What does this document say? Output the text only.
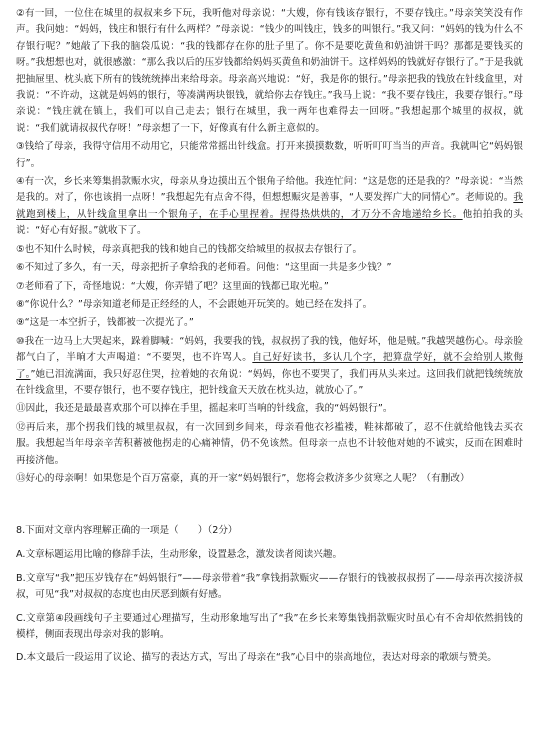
②有一回，一位住在城里的叔叔来乡下玩，我听他对母亲说：“大嫂，你有钱该存银行，不要存钱庄。”母亲笑笑没有作声。我问她：“妈妈，钱庄和银行有什么两样？”母亲说：“钱少的叫钱庄，钱多的叫银行。”我又问：“妈妈的钱为什么不存银行呢？”她敲了下我的脑袋瓜说：“我的钱都存在你的肚子里了。你不是要吃黄鱼和奶油饼干吗？那都是要钱买的呀。”我想想也对，就很感激：“那么我以后的压岁钱都给妈妈买黄鱼和奶油饼干。这样妈妈的钱就好存银行了。”于是我就把抽屉里、枕头底下所有的钱统统捧出来给母亲。母亲高兴地说：“好，我是你的银行。”母亲把我的钱放在针线盒里，对我说：“不许动，这就是妈妈的银行，等凑满两块银钱，就给你去存钱庄。”我马上说：“我不要存钱庄，我要存银行。”母亲说：“钱庄就在镇上，我们可以自己走去；银行在城里，我一两年也难得去一回呀。”我想起那个城里的叔叔，就说：“我们就请叔叔代存呀！”母亲想了一下，好像真有什么新主意似的。

③钱给了母亲，我得守信用不动用它，只能常常摇出针线盒。打开来摸摸数数，听听叮叮当当的声音。我就叫它“妈妈银行”。

④有一次，乡长来筹集捐款赈水灾，母亲从身边摸出五个银角子给他。我连忙问：“这是您的还是我的？”母亲说：“当然是我的。对了，你也该捐一点呀！”我想起先有点舍不得，但想想赈灾是善事，“人要发挥广大的同情心”。老师说的。我就跑到楼上，从针线盒里拿出一个银角子，在手心里捏着。捏得热烘烘的，才万分不舍地递给乡长。他拍拍我的头说：“好心有好报。”就收下了。

⑤也不知什么时候，母亲真把我的钱和她自己的钱都交给城里的叔叔去存银行了。

⑥不知过了多久，有一天，母亲把折子拿给我的老师看。问他：“这里面一共是多少钱？”

⑦老师看了下，奇怪地说：“大嫂，你弄错了吧？这里面的钱都已取光啦。”

⑧“你说什么？”母亲知道老师是正经经的人，不会跟她开玩笑的。她已经在发抖了。

⑨“这是一本空折子，钱都被一次提光了。”

⑩我在一边马上大哭起来，跺着脚喊：“妈妈，我要我的钱，叔叔拐了我的钱，他好坏，他是贼。”我越哭越伤心。母亲脸都气白了，半晌才大声喝道：“不要哭，也不许骂人。自己好好读书，多认几个字，把算盘学好，就不会给别人欺侮了。”她已泪流满面，我只好忍住哭，拉着她的衣角说：“妈妈，你也不要哭了，我们再从头来过。这回我们就把钱统统放在针线盒里，不要存银行，也不要存钱庄，把针线盒天天放在枕头边，就放心了。”

⑪因此，我还是最最喜欢那个可以捧在手里，摇起来叮当响的针线盒，我的“妈妈银行”。

⑫再后来，那个拐我们钱的城里叔叔，有一次回到乡间来，母亲看他衣衫褴褛，鞋袜都破了，忍不住就给他钱去买衣服。我想起当年母亲辛苦积蓄被他拐走的心痛神情，仍不免该然。但母亲一点也不计较他对她的不诚实，反而在困难时再接济他。

⑬好心的母亲啊！如果您是个百万富豪，真的开一家“妈妈银行”，您将会救济多少贫寒之人呢？（有删改）

8.下面对文章内容理解正确的一项是（　　）（2分）

A.文章标题运用比喻的修辞手法，生动形象，设置悬念，激发读者阅读兴趣。

B.文章写“我”把压岁钱存在“妈妈银行”——母亲带着“我”拿钱捐款赈灾——存银行的钱被叔叔拐了——母亲再次接济叔叔，可见“我”对叔叔的态度也由厌恶到颇有好感。

C.文章第④段画线句子主要通过心理描写，生动形象地写出了“我”在乡长来筹集钱捐款赈灾时虽心有不舍却依然捐钱的模样，侧面表现出母亲对我的影响。

D.本文最后一段运用了议论、描写的表达方式，写出了母亲在“我”心目中的崇高地位，表达对母亲的歌颂与赞美。
